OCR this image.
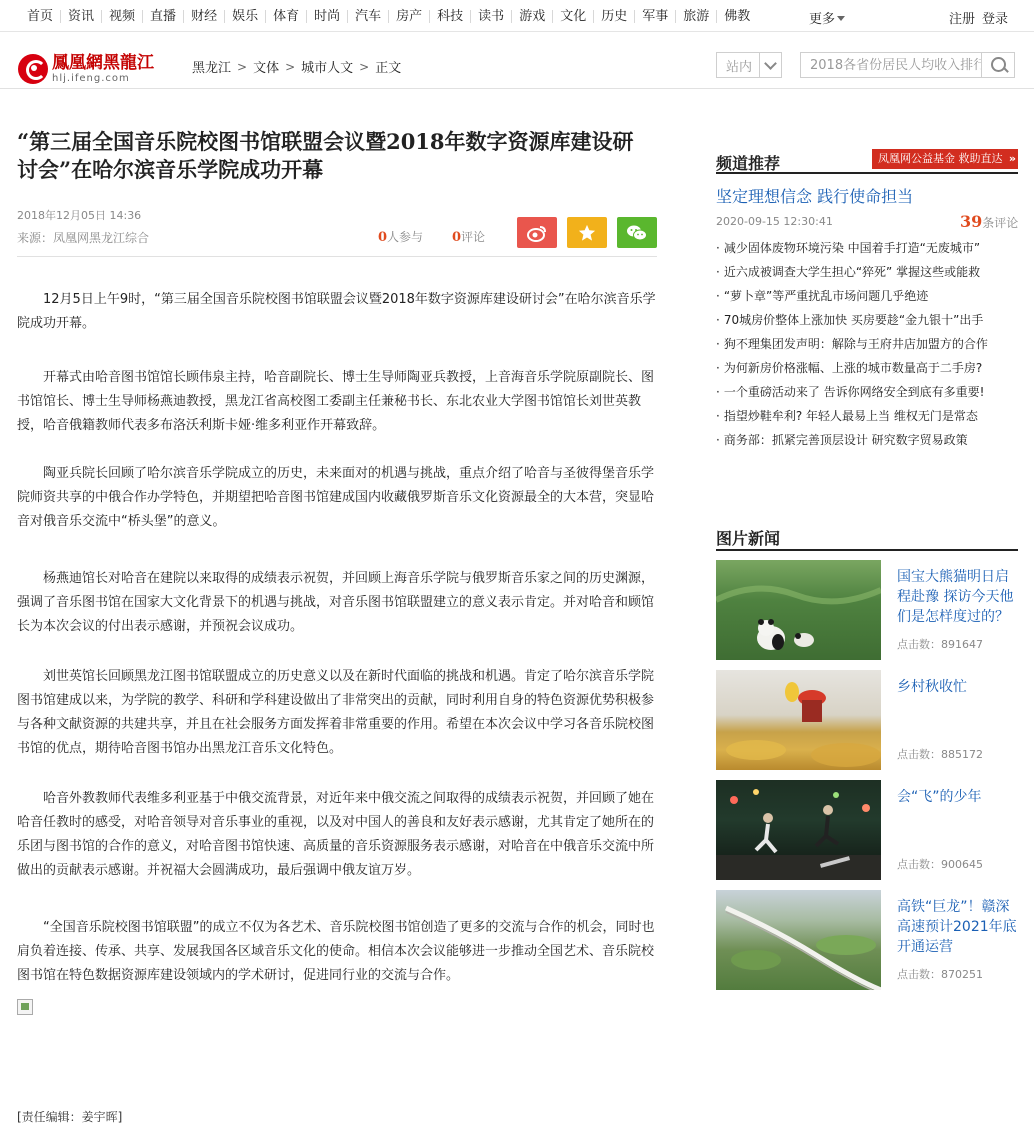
首页	资讯	视频	直播	财经	娱乐	体育	时尚	汽车	房产	科技	读书	游戏	文化	历史	军事	旅游	佛教	更多	注册 登录
鳳凰網黑龍江
hlj.ifeng.com
黑龙江 > 文体 > 城市人文 > 正文	站内
2018各省份居民人均收入排行
“第三届全国音乐院校图书馆联盟会议暨2018年数字资源库建设研讨会”在哈尔滨音乐学院成功开幕
2018年12月05日 14:36
来源：凤凰网黑龙江综合	0人参与 0评论

12月5日上午9时，“第三届全国音乐院校图书馆联盟会议暨2018年数字资源库建设研讨会”在哈尔滨音乐学院成功开幕。

开幕式由哈音图书馆馆长顾伟泉主持，哈音副院长、博士生导师陶亚兵教授，上音海音乐学院原副院长、图书馆馆长、博士生导师杨燕迪教授，黑龙江省高校图工委副主任兼秘书长、东北农业大学图书馆馆长刘世英教授，哈音俄籍教师代表多布洛沃利斯卡娅·维多利亚作开幕致辞。

陶亚兵院长回顾了哈尔滨音乐学院成立的历史，未来面对的机遇与挑战，重点介绍了哈音与圣彼得堡音乐学院师资共享的中俄合作办学特色，并期望把哈音图书馆建成国内收藏俄罗斯音乐文化资源最全的大本营，突显哈音对俄音乐交流中“桥头堡”的意义。

杨燕迪馆长对哈音在建院以来取得的成绩表示祝贺，并回顾上海音乐学院与俄罗斯音乐家之间的历史渊源，强调了音乐图书馆在国家大文化背景下的机遇与挑战，对音乐图书馆联盟建立的意义表示肯定。并对哈音和顾馆长为本次会议的付出表示感谢，并预祝会议成功。

刘世英馆长回顾黑龙江图书馆联盟成立的历史意义以及在新时代面临的挑战和机遇。肯定了哈尔滨音乐学院图书馆建成以来，为学院的教学、科研和学科建设做出了非常突出的贡献，同时利用自身的特色资源优势积极参与各种文献资源的共建共享，并且在社会服务方面发挥着非常重要的作用。希望在本次会议中学习各音乐院校图书馆的优点，期待哈音图书馆办出黑龙江音乐文化特色。

哈音外教教师代表维多利亚基于中俄交流背景，对近年来中俄交流之间取得的成绩表示祝贺，并回顾了她在哈音任教时的感受，对哈音领导对音乐事业的重视，以及对中国人的善良和友好表示感谢，尤其肯定了她所在的乐团与图书馆的合作的意义，对哈音图书馆快速、高质量的音乐资源服务表示感谢，对哈音在中俄音乐交流中所做出的贡献表示感谢。并祝福大会圆满成功，最后强调中俄友谊万岁。

“全国音乐院校图书馆联盟”的成立不仅为各艺术、音乐院校图书馆创造了更多的交流与合作的机会，同时也肩负着连接、传承、共享、发展我国各区域音乐文化的使命。相信本次会议能够进一步推动全国艺术、音乐院校图书馆在特色数据资源库建设领域内的学术研讨，促进同行业的交流与合作。

[责任编辑：姜宇晖]
频道推荐	凤凰网公益基金 救助直达 »
坚定理想信念 践行使命担当
2020-09-15 12:30:41	39条评论
· 减少固体废物环境污染 中国着手打造“无废城市”
· 近六成被调查大学生担心“猝死” 掌握这些或能救
· “萝卜章”等严重扰乱市场问题几乎绝迹
· 70城房价整体上涨加快 买房要趁“金九银十”出手
· 狗不理集团发声明：解除与王府井店加盟方的合作
· 为何新房价格涨幅、上涨的城市数量高于二手房?
· 一个重磅活动来了 告诉你网络安全到底有多重要!
· 指望炒鞋牟利? 年轻人最易上当 维权无门是常态
· 商务部：抓紧完善顶层设计 研究数字贸易政策
图片新闻
国宝大熊猫明日启程赴豫 探访今天他们是怎样度过的？
点击数：891647
乡村秋收忙
点击数：885172
会“飞”的少年
点击数：900645
高铁“巨龙”！赣深高速预计2021年底开通运营
点击数：870251
